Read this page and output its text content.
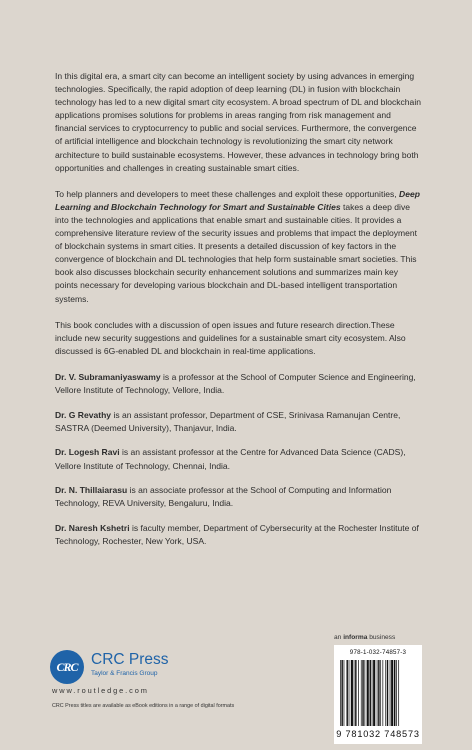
In this digital era, a smart city can become an intelligent society by using advances in emerging technologies. Specifically, the rapid adoption of deep learning (DL) in fusion with blockchain technology has led to a new digital smart city ecosystem. A broad spectrum of DL and blockchain applications promises solutions for problems in areas ranging from risk management and financial services to cryptocurrency to public and social services. Furthermore, the convergence of artificial intelligence and blockchain technology is revolutionizing the smart city network architecture to build sustainable ecosystems. However, these advances in technology bring both opportunities and challenges in creating sustainable smart cities.

To help planners and developers to meet these challenges and exploit these opportunities, Deep Learning and Blockchain Technology for Smart and Sustainable Cities takes a deep dive into the technologies and applications that enable smart and sustainable cities. It provides a comprehensive literature review of the security issues and problems that impact the deployment of blockchain systems in smart cities. It presents a detailed discussion of key factors in the convergence of blockchain and DL technologies that help form sustainable smart societies. This book also discusses blockchain security enhancement solutions and summarizes main key points necessary for developing various blockchain and DL-based intelligent transportation systems.

This book concludes with a discussion of open issues and future research direction.These include new security suggestions and guidelines for a sustainable smart city ecosystem. Also discussed is 6G-enabled DL and blockchain in real-time applications.

Dr. V. Subramaniyaswamy is a professor at the School of Computer Science and Engineering, Vellore Institute of Technology, Vellore, India.

Dr. G Revathy is an assistant professor, Department of CSE, Srinivasa Ramanujan Centre, SASTRA (Deemed University), Thanjavur, India.

Dr. Logesh Ravi is an assistant professor at the Centre for Advanced Data Science (CADS), Vellore Institute of Technology, Chennai, India.

Dr. N. Thillaiarasu is an associate professor at the School of Computing and Information Technology, REVA University, Bengaluru, India.

Dr. Naresh Kshetri is faculty member, Department of Cybersecurity at the Rochester Institute of Technology, Rochester, New York, USA.

CRC CRC Press
Taylor & Francis Group
www.routledge.com
CRC Press titles are available as eBook editions in a range of digital formats
an informa business
978-1-032-74857-3
9 781032 748573
